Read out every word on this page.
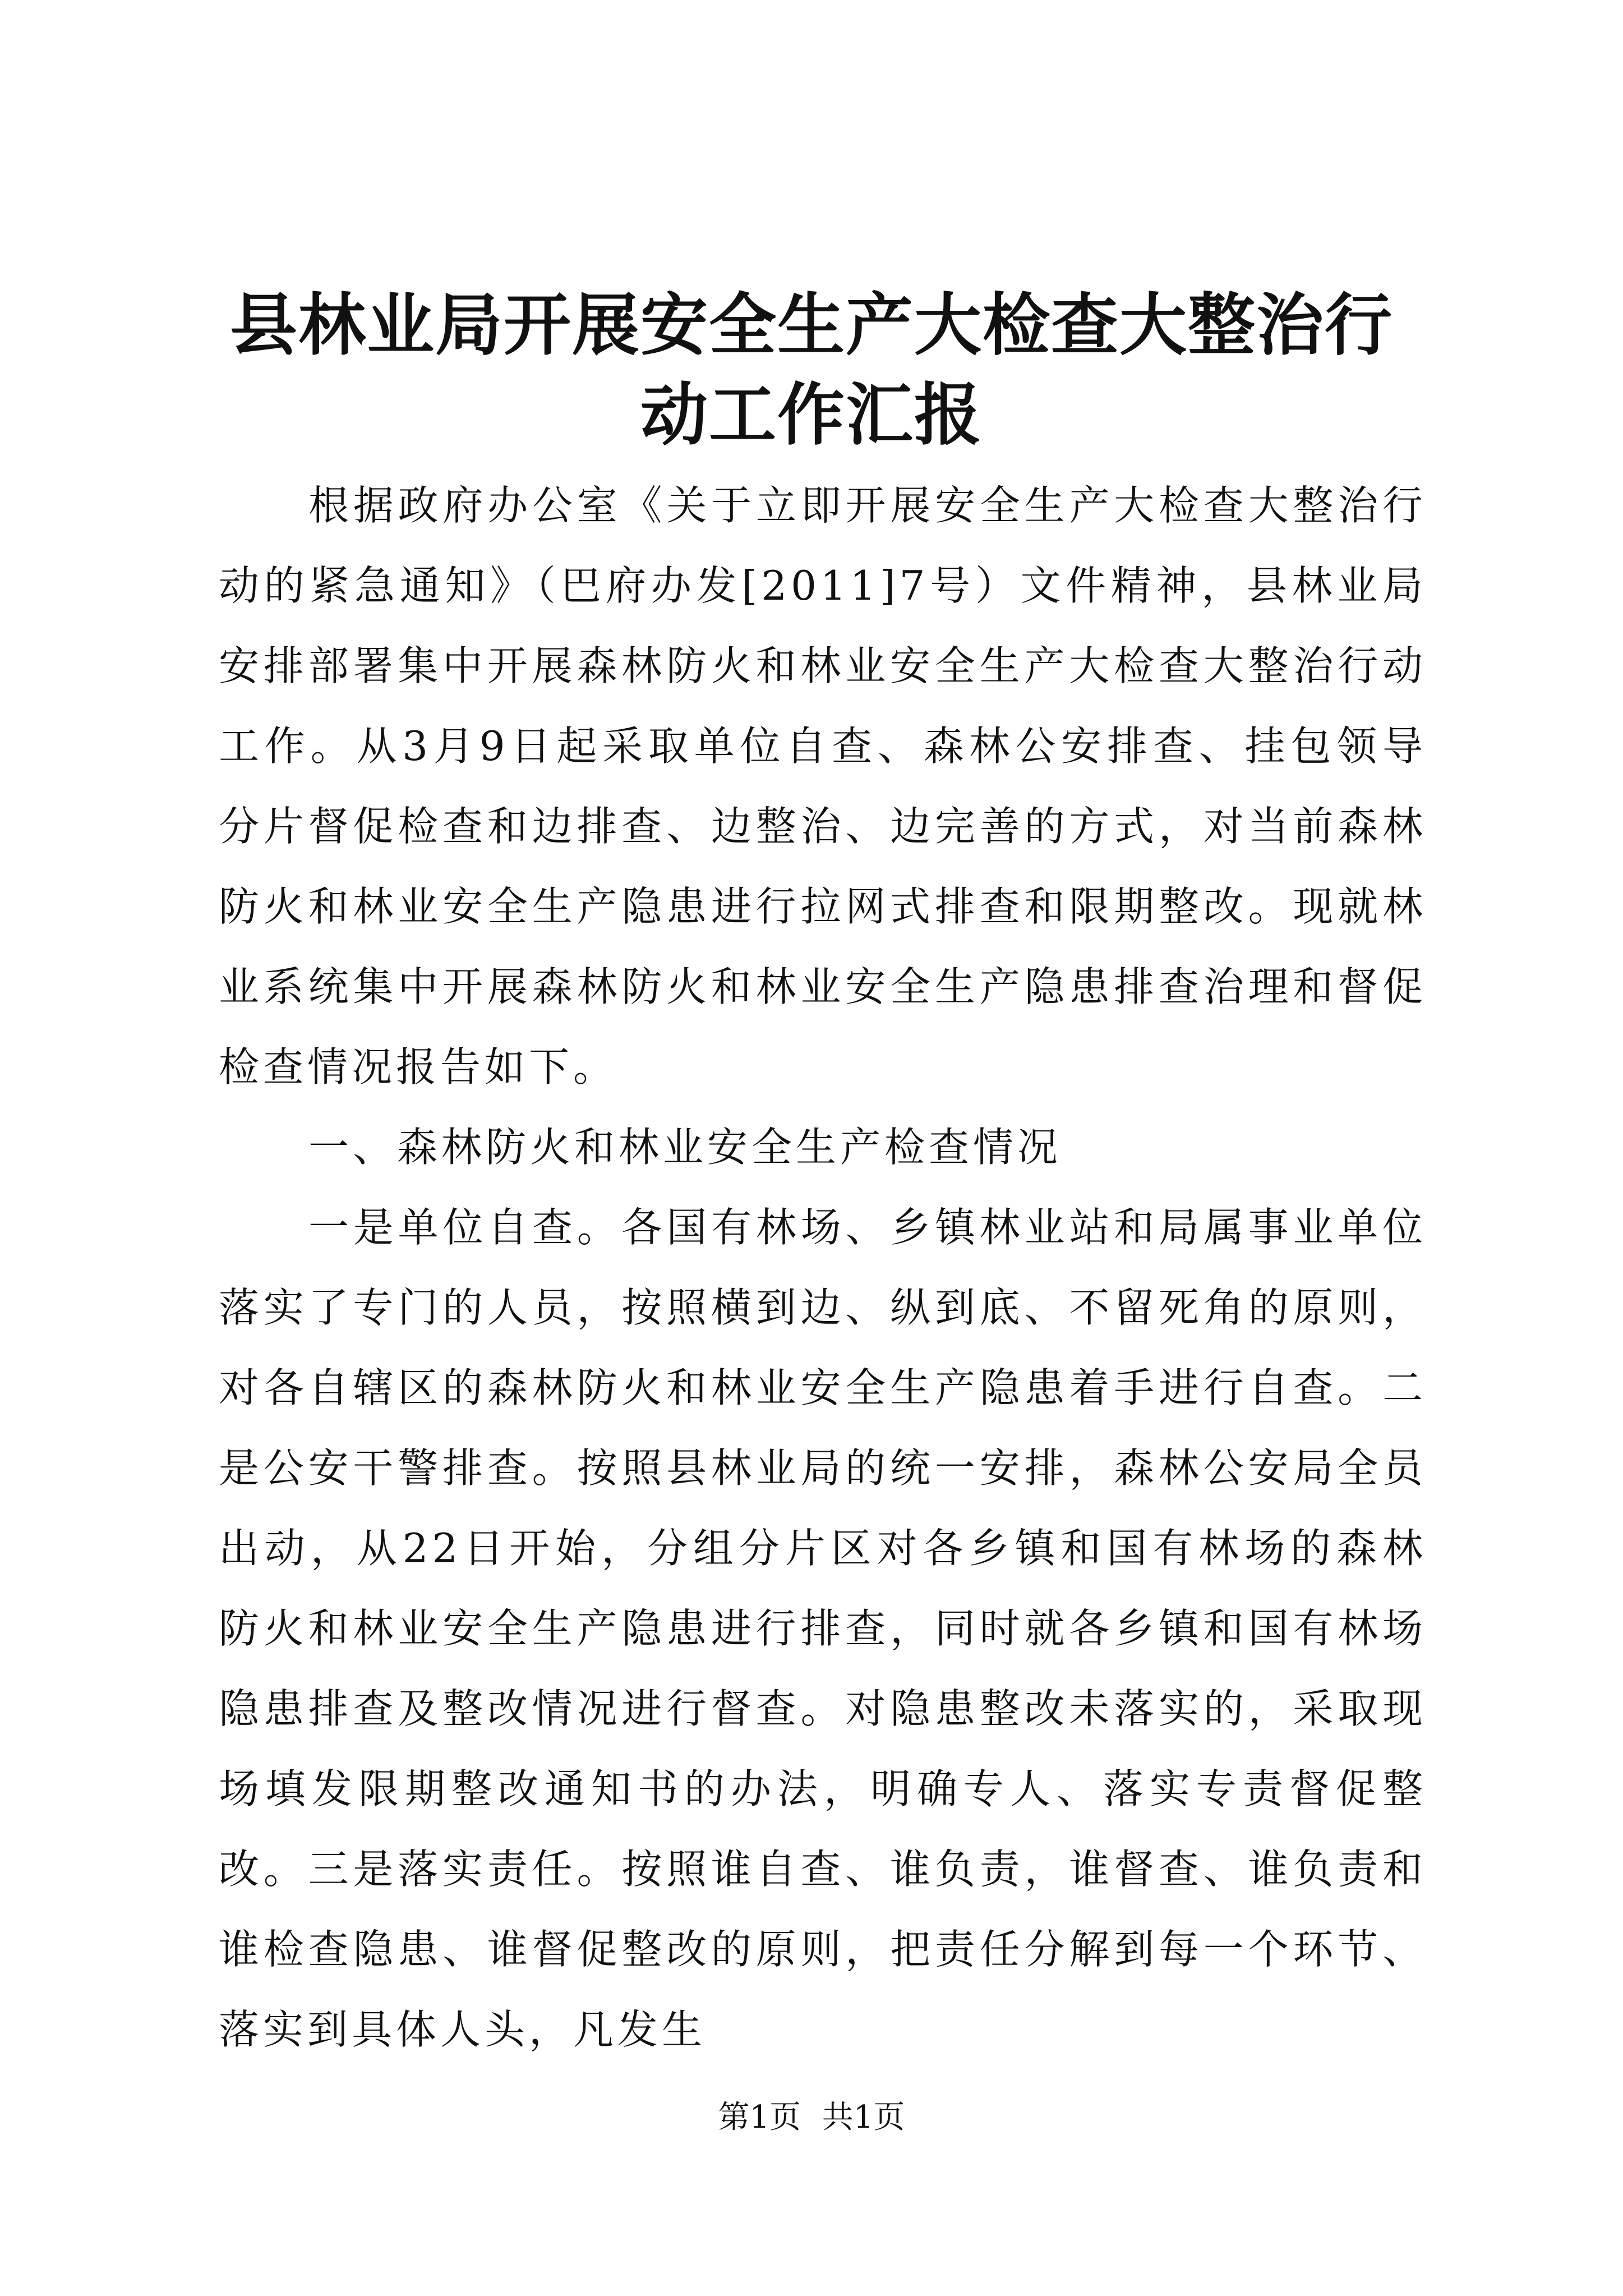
县林业局开展安全生产大检查大整治行动工作汇报

根据政府办公室《关于立即开展安全生产大检查大整治行动的紧急通知》（巴府办发[2011]7号）文件精神，县林业局安排部署集中开展森林防火和林业安全生产大检查大整治行动工作。从3月9日起采取单位自查、森林公安排查、挂包领导分片督促检查和边排查、边整治、边完善的方式，对当前森林防火和林业安全生产隐患进行拉网式排查和限期整改。现就林业系统集中开展森林防火和林业安全生产隐患排查治理和督促检查情况报告如下。

一、森林防火和林业安全生产检查情况

一是单位自查。各国有林场、乡镇林业站和局属事业单位落实了专门的人员，按照横到边、纵到底、不留死角的原则，对各自辖区的森林防火和林业安全生产隐患着手进行自查。二是公安干警排查。按照县林业局的统一安排，森林公安局全员出动，从22日开始，分组分片区对各乡镇和国有林场的森林防火和林业安全生产隐患进行排查，同时就各乡镇和国有林场隐患排查及整改情况进行督查。对隐患整改未落实的，采取现场填发限期整改通知书的办法，明确专人、落实专责督促整改。三是落实责任。按照谁自查、谁负责，谁督查、谁负责和谁检查隐患、谁督促整改的原则，把责任分解到每一个环节、落实到具体人头，凡发生

第1页 共1页
